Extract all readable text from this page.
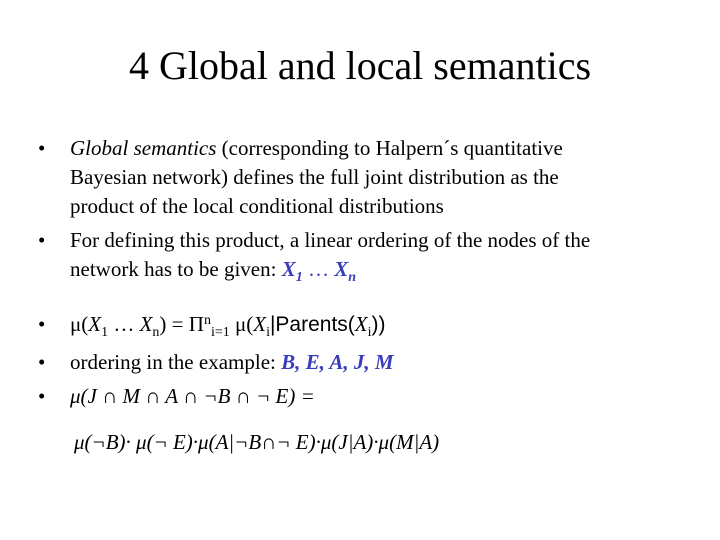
4 Global and local semantics
• Global semantics (corresponding to Halpern´s quantitative
Bayesian network) defines the full joint distribution as the
product of the local conditional distributions
• For defining this product, a linear ordering of the nodes of the
network has to be given: $X_1$ … $X_n$
• $\mu(X_1$ … $X_n) = \Pi^n_{i=1}$ $\mu(X_i|Parents(X_i))$
• ordering in the example: B, E, A, J, M
• μ(J ∩ M ∩ A ∩ ¬B ∩ ¬ E) =
μ(¬B)· μ(¬ E)·μ(A|¬B∩¬ E)·μ(J|A)·μ(M|A)
